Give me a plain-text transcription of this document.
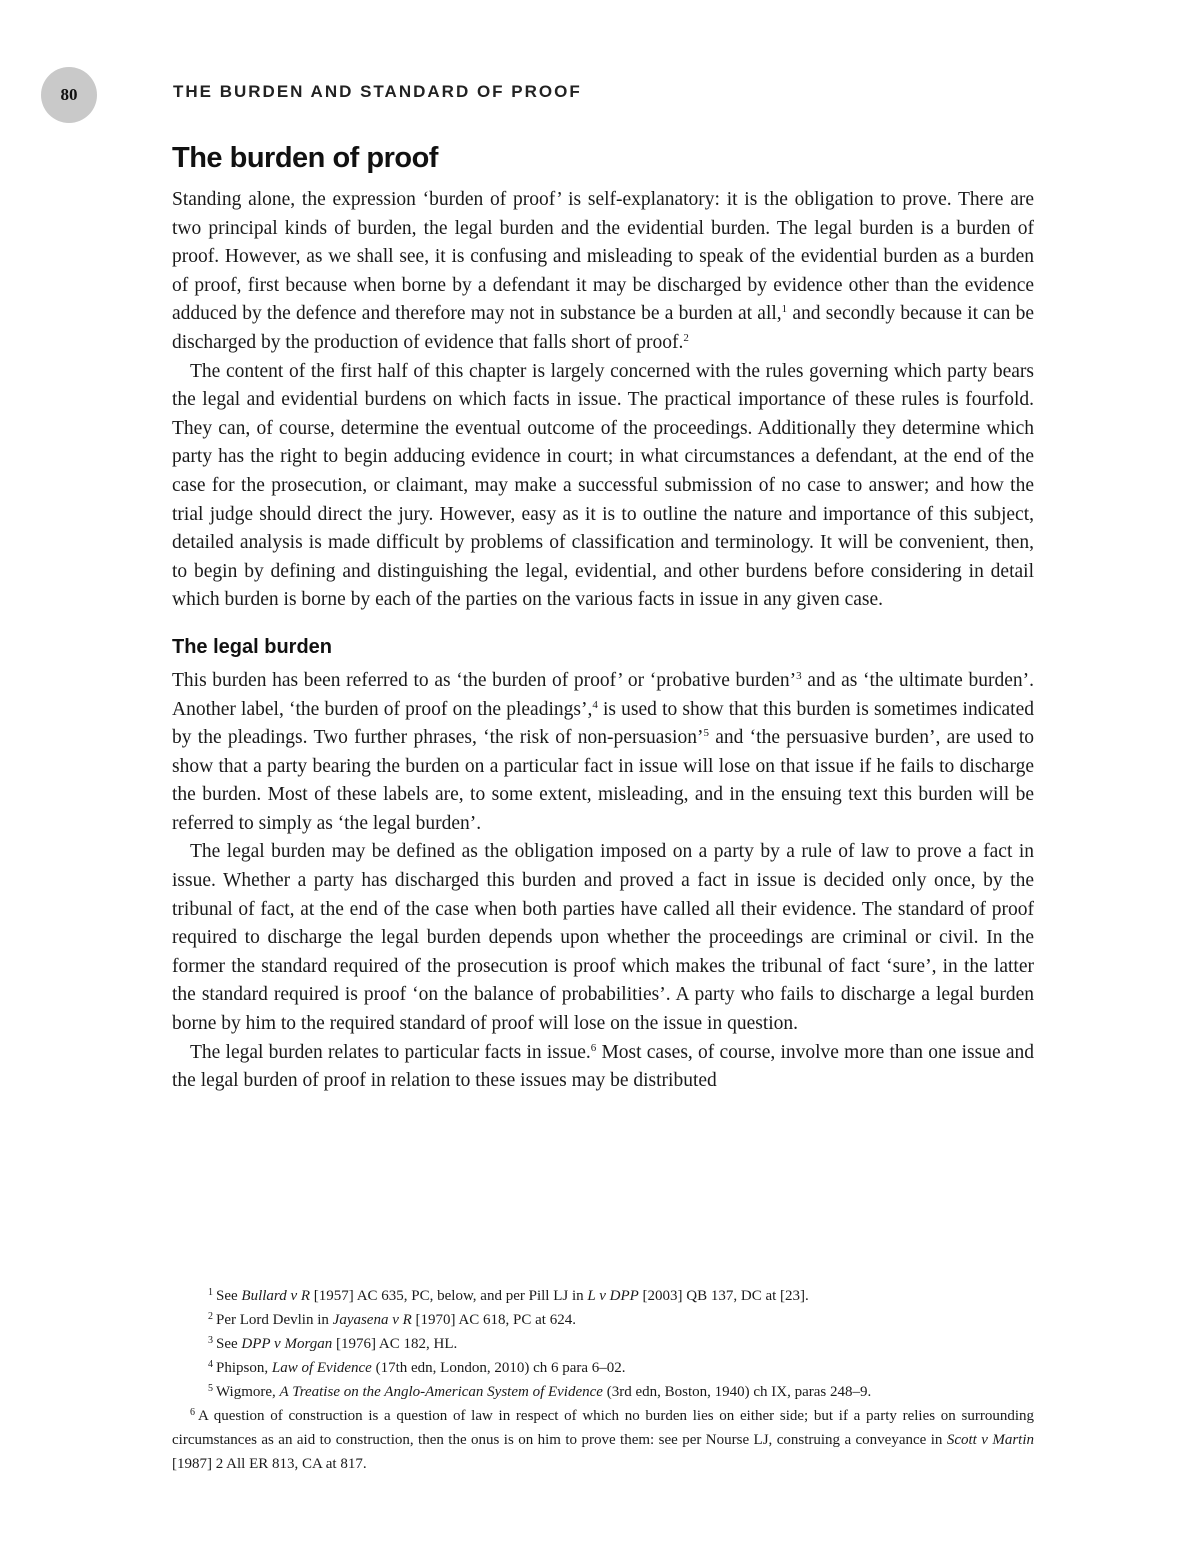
80	THE BURDEN AND STANDARD OF PROOF
The burden of proof

Standing alone, the expression ‘burden of proof’ is self-explanatory: it is the obligation to prove. There are two principal kinds of burden, the legal burden and the evidential burden. The legal burden is a burden of proof. However, as we shall see, it is confusing and misleading to speak of the evidential burden as a burden of proof, first because when borne by a defendant it may be discharged by evidence other than the evidence adduced by the defence and therefore may not in substance be a burden at all,$^1$ and secondly because it can be discharged by the production of evidence that falls short of proof.$^2$

The content of the first half of this chapter is largely concerned with the rules governing which party bears the legal and evidential burdens on which facts in issue. The practical importance of these rules is fourfold. They can, of course, determine the eventual outcome of the proceedings. Additionally they determine which party has the right to begin adducing evidence in court; in what circumstances a defendant, at the end of the case for the prosecution, or claimant, may make a successful submission of no case to answer; and how the trial judge should direct the jury. However, easy as it is to outline the nature and importance of this subject, detailed analysis is made difficult by problems of classification and terminology. It will be convenient, then, to begin by defining and distinguishing the legal, evidential, and other burdens before considering in detail which burden is borne by each of the parties on the various facts in issue in any given case.

The legal burden

This burden has been referred to as ‘the burden of proof’ or ‘probative burden’$^3$ and as ‘the ultimate burden’. Another label, ‘the burden of proof on the pleadings’,$^4$ is used to show that this burden is sometimes indicated by the pleadings. Two further phrases, ‘the risk of non-persuasion’$^5$ and ‘the persuasive burden’, are used to show that a party bearing the burden on a particular fact in issue will lose on that issue if he fails to discharge the burden. Most of these labels are, to some extent, misleading, and in the ensuing text this burden will be referred to simply as ‘the legal burden’.

The legal burden may be defined as the obligation imposed on a party by a rule of law to prove a fact in issue. Whether a party has discharged this burden and proved a fact in issue is decided only once, by the tribunal of fact, at the end of the case when both parties have called all their evidence. The standard of proof required to discharge the legal burden depends upon whether the proceedings are criminal or civil. In the former the standard required of the prosecution is proof which makes the tribunal of fact ‘sure’, in the latter the standard required is proof ‘on the balance of probabilities’. A party who fails to discharge a legal burden borne by him to the required standard of proof will lose on the issue in question.

The legal burden relates to particular facts in issue.$^6$ Most cases, of course, involve more than one issue and the legal burden of proof in relation to these issues may be distributed

$^1$ See Bullard v R [1957] AC 635, PC, below, and per Pill LJ in L v DPP [2003] QB 137, DC at [23].

$^2$ Per Lord Devlin in Jayasena v R [1970] AC 618, PC at 624.

$^3$ See DPP v Morgan [1976] AC 182, HL.

$^4$ Phipson, Law of Evidence (17th edn, London, 2010) ch 6 para 6–02.

$^5$ Wigmore, A Treatise on the Anglo-American System of Evidence (3rd edn, Boston, 1940) ch IX, paras 248–9.

$^6$ A question of construction is a question of law in respect of which no burden lies on either side; but if a party relies on surrounding circumstances as an aid to construction, then the onus is on him to prove them: see per Nourse LJ, construing a conveyance in Scott v Martin [1987] 2 All ER 813, CA at 817.
